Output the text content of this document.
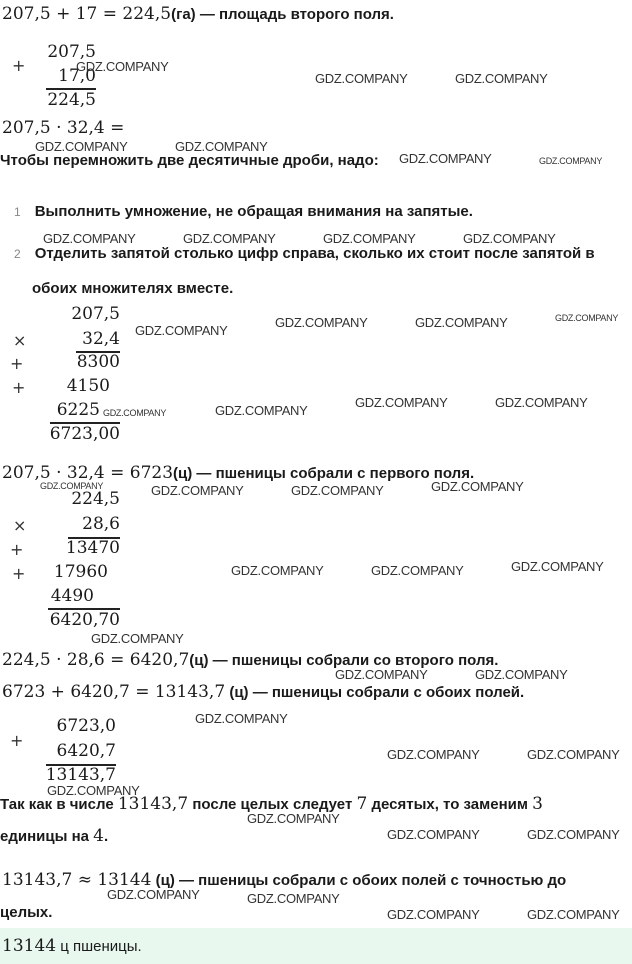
207,5 + 17 = 224,5(га) — площадь второго поля.
+
207,5
17,0
224,5
207,5 · 32,4 =
Чтобы перемножить две десятичные дроби, надо:
1 Выполнить умножение, не обращая внимания на запятые.
2 Отделить запятой столько цифр справа, сколько их стоит после запятой в
обоих множителях вместе.
207,5
×	32,4
+	8300
+	4150
6225
6723,00
207,5 · 32,4 = 6723(ц) — пшеницы собрали с первого поля.
224,5
×	28,6
+	13470
+	17960
4490
6420,70
224,5 · 28,6 = 6420,7(ц) — пшеницы собрали со второго поля.
6723 + 6420,7 = 13143,7 (ц) — пшеницы собрали с обоих полей.
+
6723,0
6420,7
13143,7
Так как в числе 13143,7 после целых следует 7 десятых, то заменим 3
единицы на 4.
13143,7 ≈ 13144 (ц) — пшеницы собрали с обоих полей с точностью до
целых.
13144 ц пшеницы.
GDZ.COMPANY
GDZ.COMPANY	GDZ.COMPANY
GDZ.COMPANY	GDZ.COMPANY
GDZ.COMPANY	GDZ.COMPANY
GDZ.COMPANY	GDZ.COMPANY	GDZ.COMPANY	GDZ.COMPANY
GDZ.COMPANY
GDZ.COMPANY	GDZ.COMPANY	GDZ.COMPANY
GDZ.COMPANY	GDZ.COMPANY
GDZ.COMPANY	GDZ.COMPANY
GDZ.COMPANY	GDZ.COMPANY	GDZ.COMPANY	GDZ.COMPANY
GDZ.COMPANY	GDZ.COMPANY	GDZ.COMPANY
GDZ.COMPANY
GDZ.COMPANY	GDZ.COMPANY
GDZ.COMPANY
GDZ.COMPANY	GDZ.COMPANY
GDZ.COMPANY
GDZ.COMPANY
GDZ.COMPANY	GDZ.COMPANY
GDZ.COMPANY	GDZ.COMPANY
GDZ.COMPANY	GDZ.COMPANY
